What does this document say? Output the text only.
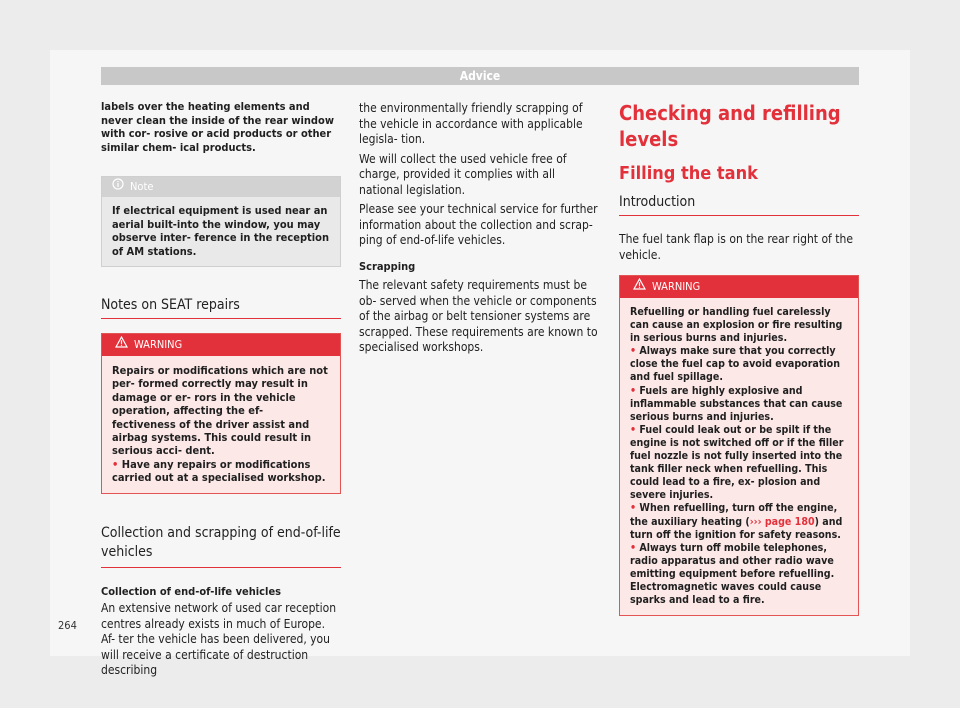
Advice

labels over the heating elements and never clean the inside of the rear window with cor- rosive or acid products or other similar chem- ical products.

Note
If electrical equipment is used near an aerial built-into the window, you may observe inter- ference in the reception of AM stations.
Notes on SEAT repairs
WARNING
Repairs or modifications which are not per- formed correctly may result in damage or er- rors in the vehicle operation, affecting the ef- fectiveness of the driver assist and airbag systems. This could result in serious acci- dent.
• Have any repairs or modifications carried out at a specialised workshop.
Collection and scrapping of end-of-life vehicles

Collection of end-of-life vehicles

An extensive network of used car reception centres already exists in much of Europe. Af- ter the vehicle has been delivered, you will receive a certificate of destruction describing

the environmentally friendly scrapping of the vehicle in accordance with applicable legisla- tion.

We will collect the used vehicle free of charge, provided it complies with all national legislation.

Please see your technical service for further information about the collection and scrap- ping of end-of-life vehicles.

Scrapping

The relevant safety requirements must be ob- served when the vehicle or components of the airbag or belt tensioner systems are scrapped. These requirements are known to specialised workshops.

Checking and refilling levels
Filling the tank
Introduction

The fuel tank flap is on the rear right of the vehicle.

WARNING
Refuelling or handling fuel carelessly can cause an explosion or fire resulting in serious burns and injuries.
• Always make sure that you correctly close the fuel cap to avoid evaporation and fuel spillage.
• Fuels are highly explosive and inflammable substances that can cause serious burns and injuries.
• Fuel could leak out or be spilt if the engine is not switched off or if the filler fuel nozzle is not fully inserted into the tank filler neck when refuelling. This could lead to a fire, ex- plosion and severe injuries.
• When refuelling, turn off the engine, the auxiliary heating (››› page 180) and turn off the ignition for safety reasons.
• Always turn off mobile telephones, radio apparatus and other radio wave emitting equipment before refuelling. Electromagnetic waves could cause sparks and lead to a fire.
264
